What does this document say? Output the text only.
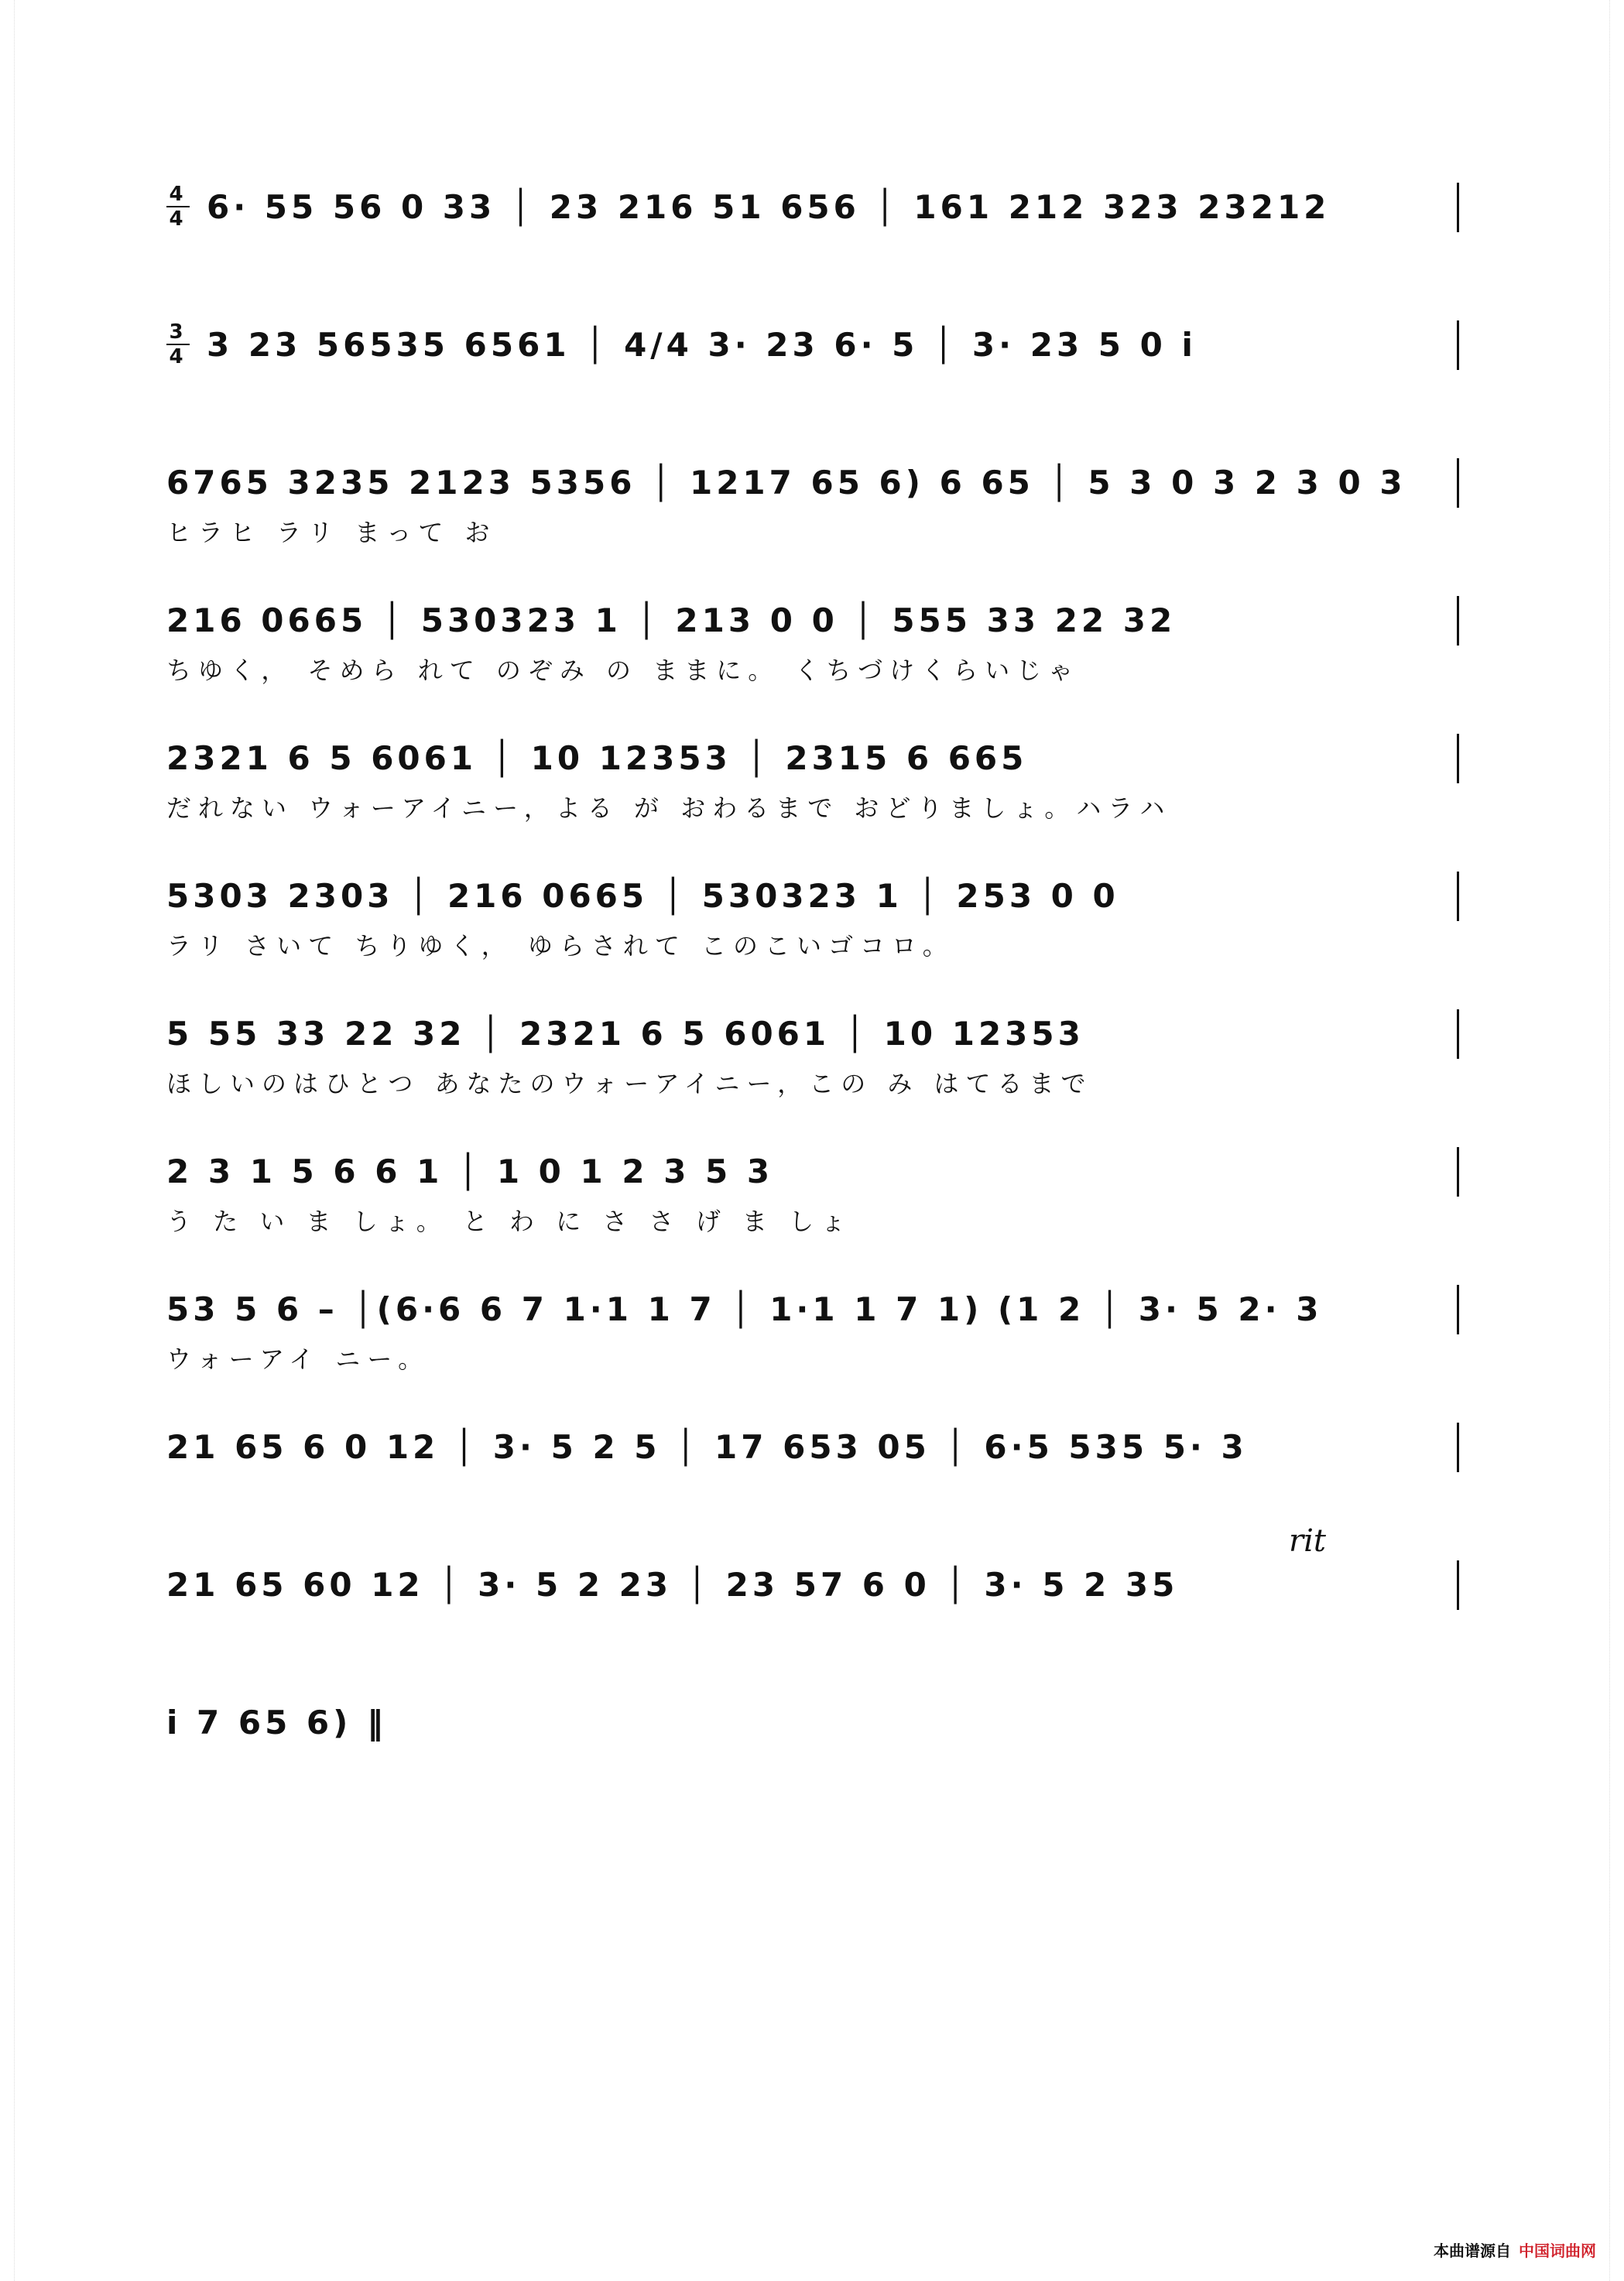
$\frac{4}{4} 6\cdot 55$ 56 0 33 │ 23 216 51 656 │ 161 212 323 23212
$\frac{3}{4} 3$ 23 56535 6561 │ 4/4 3· 23 6· 5 │ 3· 23 5 0 i
6765 3235 2123 5356 │ 1217 65 6) 6 65 │ 5 3 0 3 2 3 0 3
ヒラヒ ラリ まって お
216 0665 │ 530323 1 │ 213 0 0 │ 555 33 22 32
ちゆく， そめら れて のぞみ の ままに。 くちづけくらいじゃ
2321 6 5 6061 │ 10 12353 │ 2315 6 665
だれない ウォーアイニー，よる が おわるまで おどりましょ。ハラハ
5303 2303 │ 216 0665 │ 530323 1 │ 253 0 0
ラリ さいて ちりゆく， ゆらされて このこいゴコロ。
5 55 33 22 32 │ 2321 6 5 6061 │ 10 12353
ほしいのはひとつ あなたのウォーアイニー，この み はてるまで
2 3 1 5 6 6 1 │ 1 0 1 2 3 5 3
う た い ま しょ。 と わ に さ さ げ ま しょ
53 5 6 – │(6·6 6 7 1·1 1 7 │ 1·1 1 7 1) (1 2 │ 3· 5 2· 3
ウォーアイ ニー。
21 65 6 0 12 │ 3· 5 2 5 │ 17 653 05 │ 6·5 535 5· 3
21 65 60 12 │ 3· 5 2 23 │ 23 57 6 0 │ 3· 5 2 35
rit
i 7 65 6) ‖
本曲谱源自 中国词曲网
